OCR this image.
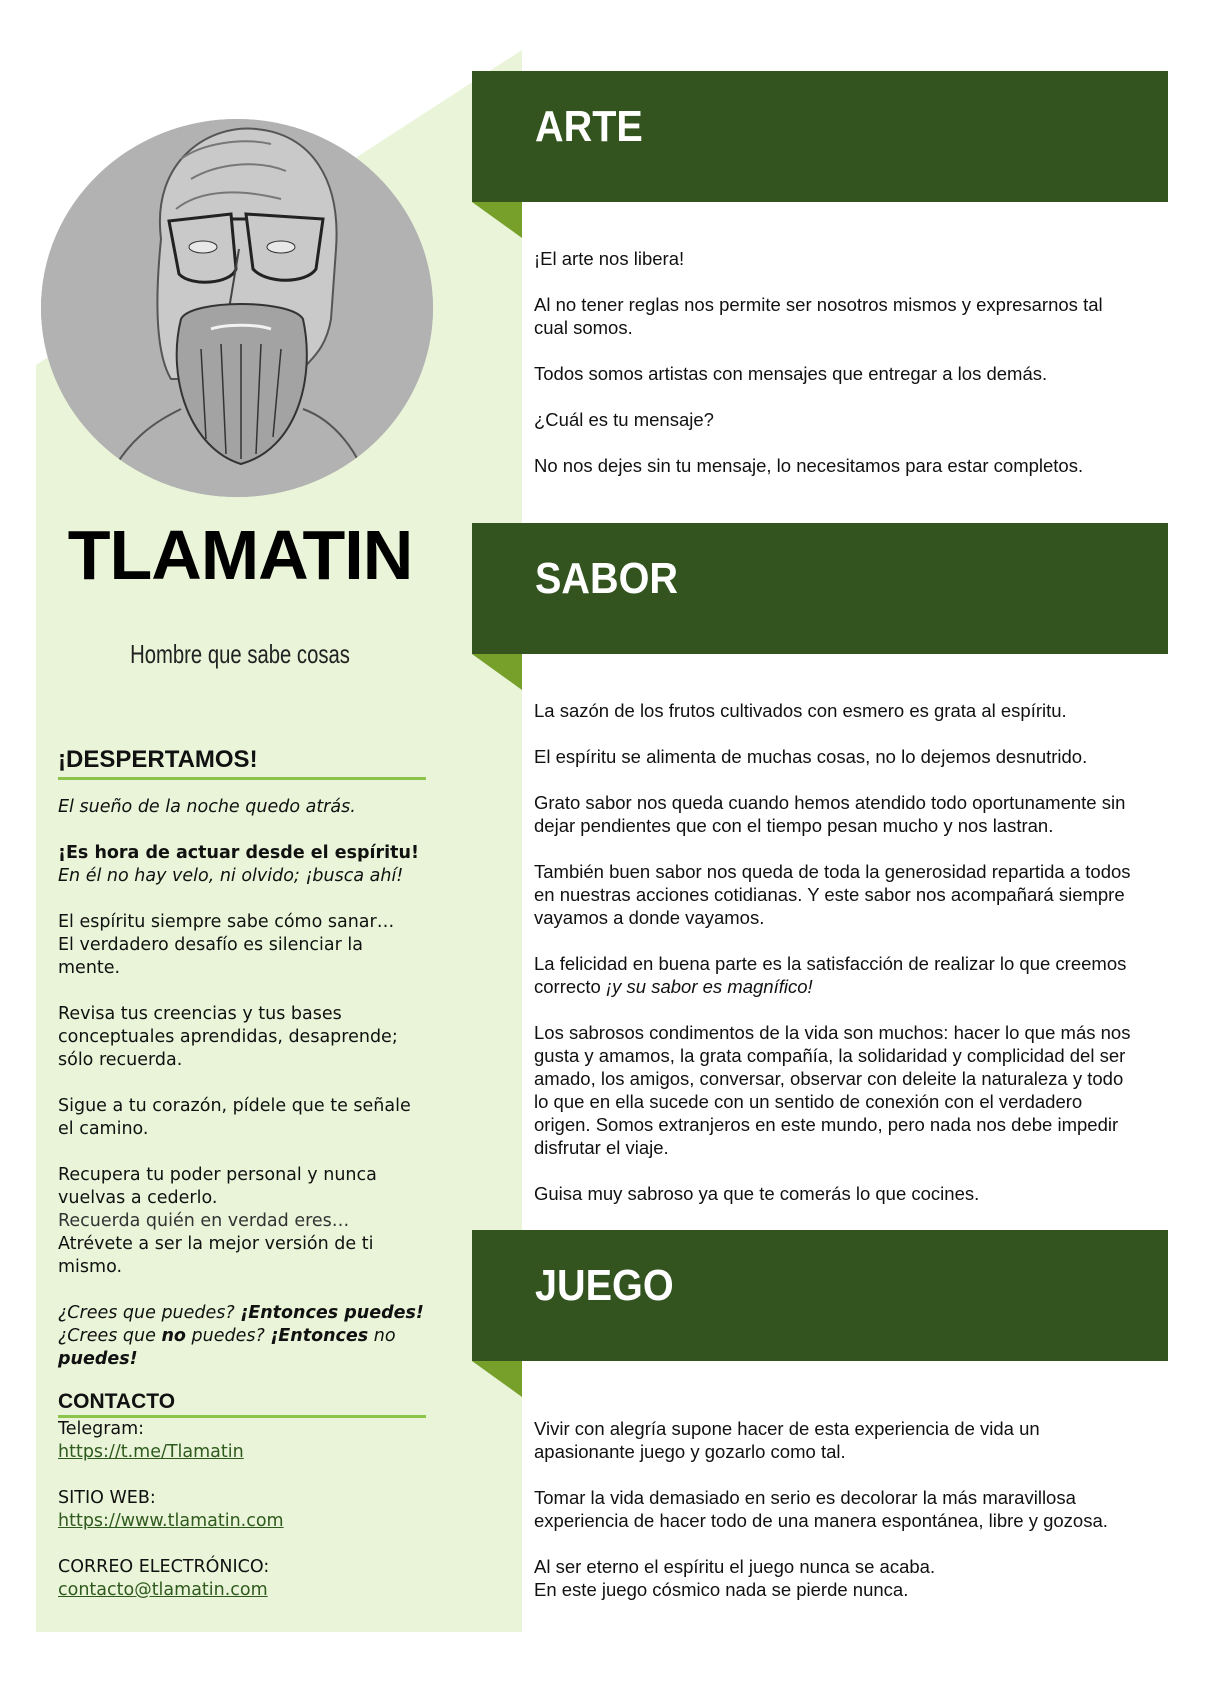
TLAMATIN
Hombre que sabe cosas
¡DESPERTAMOS!

El sueño de la noche quedo atrás.

¡Es hora de actuar desde el espíritu!

En él no hay velo, ni olvido; ¡busca ahí!

El espíritu siempre sabe cómo sanar…

El verdadero desafío es silenciar la mente.

Revisa tus creencias y tus bases conceptuales aprendidas, desaprende; sólo recuerda.

Sigue a tu corazón, pídele que te señale el camino.

Recupera tu poder personal y nunca vuelvas a cederlo.

Recuerda quién en verdad eres…

Atrévete a ser la mejor versión de ti mismo.

¿Crees que puedes? ¡Entonces puedes!

¿Crees que no puedes? ¡Entonces no
puedes!

CONTACTO

Telegram:

https://t.me/Tlamatin

SITIO WEB:

https://www.tlamatin.com

CORREO ELECTRÓNICO:

contacto@tlamatin.com

ARTE

¡El arte nos libera!

Al no tener reglas nos permite ser nosotros mismos y expresarnos tal cual somos.

Todos somos artistas con mensajes que entregar a los demás.

¿Cuál es tu mensaje?

No nos dejes sin tu mensaje, lo necesitamos para estar completos.

SABOR

La sazón de los frutos cultivados con esmero es grata al espíritu.

El espíritu se alimenta de muchas cosas, no lo dejemos desnutrido.

Grato sabor nos queda cuando hemos atendido todo oportunamente sin dejar pendientes que con el tiempo pesan mucho y nos lastran.

También buen sabor nos queda de toda la generosidad repartida a todos en nuestras acciones cotidianas. Y este sabor nos acompañará siempre vayamos a donde vayamos.

La felicidad en buena parte es la satisfacción de realizar lo que creemos correcto ¡y su sabor es magnífico!

Los sabrosos condimentos de la vida son muchos: hacer lo que más nos gusta y amamos, la grata compañía, la solidaridad y complicidad del ser amado, los amigos, conversar, observar con deleite la naturaleza y todo lo que en ella sucede con un sentido de conexión con el verdadero origen. Somos extranjeros en este mundo, pero nada nos debe impedir disfrutar el viaje.

Guisa muy sabroso ya que te comerás lo que cocines.

JUEGO

Vivir con alegría supone hacer de esta experiencia de vida un apasionante juego y gozarlo como tal.

Tomar la vida demasiado en serio es decolorar la más maravillosa experiencia de hacer todo de una manera espontánea, libre y gozosa.

Al ser eterno el espíritu el juego nunca se acaba.

En este juego cósmico nada se pierde nunca.
